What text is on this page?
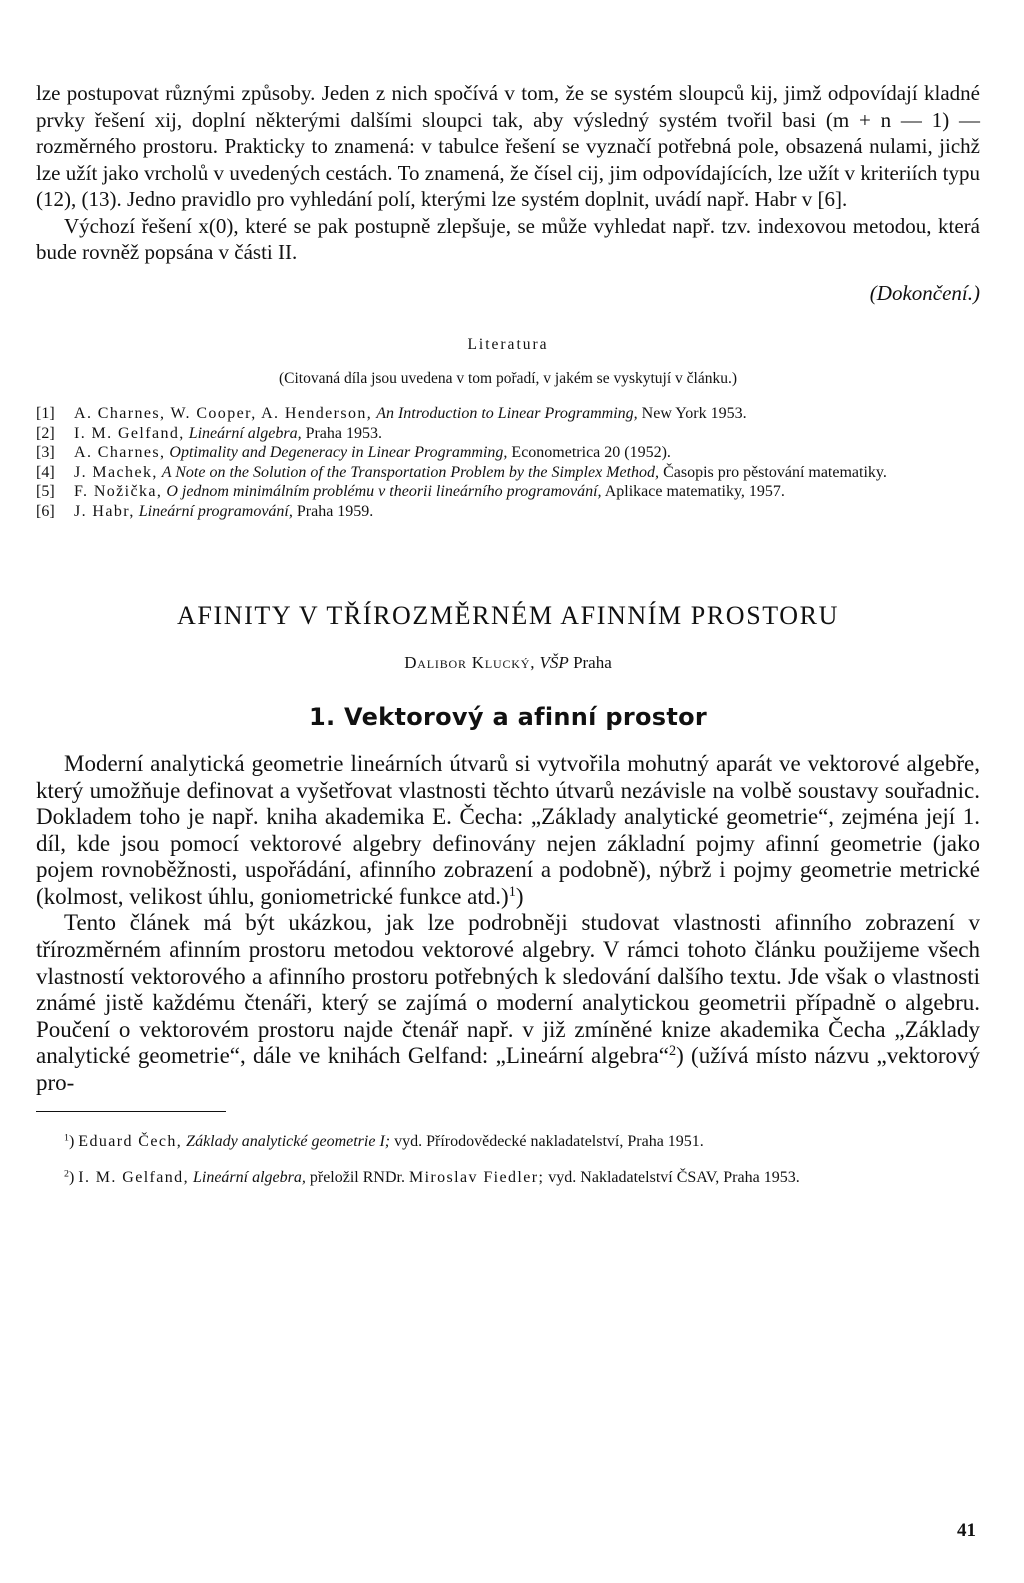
lze postupovat různými způsoby. Jeden z nich spočívá v tom, že se systém sloupců kij, jimž odpovídají kladné prvky řešení xij, doplní některými dalšími sloupci tak, aby výsledný systém tvořil basi (m + n — 1) — rozměrného prostoru. Prakticky to znamená: v tabulce řešení se vyznačí potřebná pole, obsazená nulami, jichž lze užít jako vrcholů v uvedených cestách. To znamená, že čísel cij, jim odpovídajících, lze užít v kriteriích typu (12), (13). Jedno pravidlo pro vyhledání polí, kterými lze systém doplnit, uvádí např. Habr v [6].

Výchozí řešení x(0), které se pak postupně zlepšuje, se může vyhledat např. tzv. indexovou metodou, která bude rovněž popsána v části II.

(Dokončení.)
Literatura
(Citovaná díla jsou uvedena v tom pořadí, v jakém se vyskytují v článku.)
[1]	A. Charnes, W. Cooper, A. Henderson, An Introduction to Linear Programming, New York 1953.
[2]	I. M. Gelfand, Lineární algebra, Praha 1953.
[3]	A. Charnes, Optimality and Degeneracy in Linear Programming, Econometrica 20 (1952).
[4]	J. Machek, A Note on the Solution of the Transportation Problem by the Simplex Method, Časopis pro pěstování matematiky.
[5]	F. Nožička, O jednom minimálním problému v theorii lineárního programování, Aplikace matematiky, 1957.
[6]	J. Habr, Lineární programování, Praha 1959.
AFINITY V TŘÍROZMĚRNÉM AFINNÍM PROSTORU
Dalibor Klucký, VŠP Praha
1. Vektorový a afinní prostor

Moderní analytická geometrie lineárních útvarů si vytvořila mohutný aparát ve vektorové algebře, který umožňuje definovat a vyšetřovat vlastnosti těchto útvarů nezávisle na volbě soustavy souřadnic. Dokladem toho je např. kniha akademika E. Čecha: „Základy analytické geometrie“, zejména její 1. díl, kde jsou pomocí vektorové algebry definovány nejen základní pojmy afinní geometrie (jako pojem rovnoběžnosti, uspořádání, afinního zobrazení a podobně), nýbrž i pojmy geometrie metrické (kolmost, velikost úhlu, goniometrické funkce atd.)$^1$)

Tento článek má být ukázkou, jak lze podrobněji studovat vlastnosti afinního zobrazení v třírozměrném afinním prostoru metodou vektorové algebry. V rámci tohoto článku použijeme všech vlastností vektorového a afinního prostoru potřebných k sledování dalšího textu. Jde však o vlastnosti známé jistě každému čtenáři, který se zajímá o moderní analytickou geometrii případně o algebru. Poučení o vektorovém prostoru najde čtenář např. v již zmíněné knize akademika Čecha „Základy analytické geometrie“, dále ve knihách Gelfand: „Lineární algebra“$^2$) (užívá místo názvu „vektorový pro-

$^1$) Eduard Čech, Základy analytické geometrie I; vyd. Přírodovědecké nakladatelství, Praha 1951.

$^2$) I. M. Gelfand, Lineární algebra, přeložil RNDr. Miroslav Fiedler; vyd. Nakladatelství ČSAV, Praha 1953.

41
